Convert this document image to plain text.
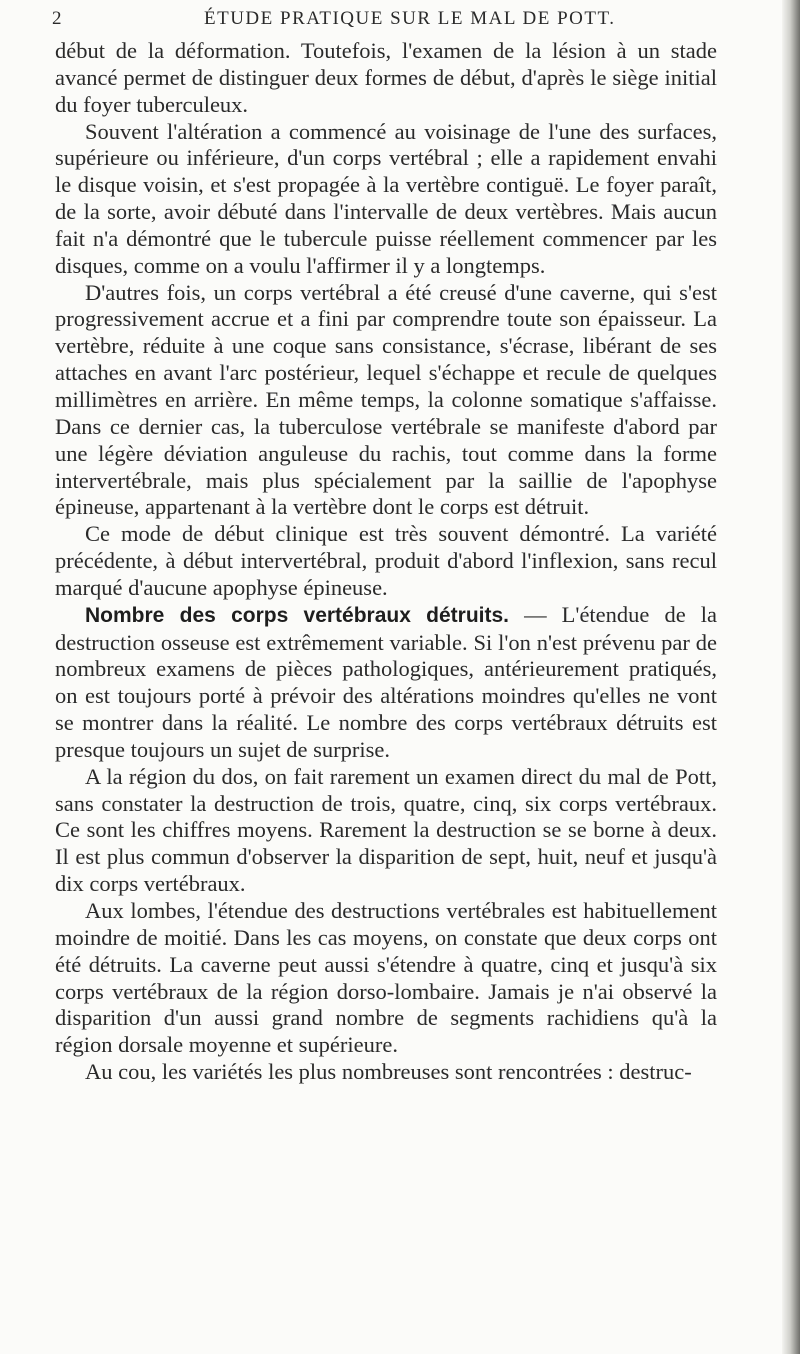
2	ÉTUDE PRATIQUE SUR LE MAL DE POTT.

début de la déformation. Toutefois, l'examen de la lésion à un stade avancé permet de distinguer deux formes de début, d'après le siège initial du foyer tuberculeux.

Souvent l'altération a commencé au voisinage de l'une des surfaces, supérieure ou inférieure, d'un corps vertébral ; elle a rapidement envahi le disque voisin, et s'est propagée à la vertèbre contiguë. Le foyer paraît, de la sorte, avoir débuté dans l'intervalle de deux vertèbres. Mais aucun fait n'a démontré que le tubercule puisse réellement commencer par les disques, comme on a voulu l'affirmer il y a longtemps.

D'autres fois, un corps vertébral a été creusé d'une caverne, qui s'est progressivement accrue et a fini par comprendre toute son épaisseur. La vertèbre, réduite à une coque sans consistance, s'écrase, libérant de ses attaches en avant l'arc postérieur, lequel s'échappe et recule de quelques millimètres en arrière. En même temps, la colonne somatique s'affaisse. Dans ce dernier cas, la tuberculose vertébrale se manifeste d'abord par une légère déviation anguleuse du rachis, tout comme dans la forme intervertébrale, mais plus spécialement par la saillie de l'apophyse épineuse, appartenant à la vertèbre dont le corps est détruit.

Ce mode de début clinique est très souvent démontré. La variété précédente, à début intervertébral, produit d'abord l'inflexion, sans recul marqué d'aucune apophyse épineuse.

Nombre des corps vertébraux détruits. — L'étendue de la destruction osseuse est extrêmement variable. Si l'on n'est prévenu par de nombreux examens de pièces pathologiques, antérieurement pratiqués, on est toujours porté à prévoir des altérations moindres qu'elles ne vont se montrer dans la réalité. Le nombre des corps vertébraux détruits est presque toujours un sujet de surprise.

A la région du dos, on fait rarement un examen direct du mal de Pott, sans constater la destruction de trois, quatre, cinq, six corps vertébraux. Ce sont les chiffres moyens. Rarement la destruction se se borne à deux. Il est plus commun d'observer la disparition de sept, huit, neuf et jusqu'à dix corps vertébraux.

Aux lombes, l'étendue des destructions vertébrales est habituellement moindre de moitié. Dans les cas moyens, on constate que deux corps ont été détruits. La caverne peut aussi s'étendre à quatre, cinq et jusqu'à six corps vertébraux de la région dorso-lombaire. Jamais je n'ai observé la disparition d'un aussi grand nombre de segments rachidiens qu'à la région dorsale moyenne et supérieure.

Au cou, les variétés les plus nombreuses sont rencontrées : destruc-
